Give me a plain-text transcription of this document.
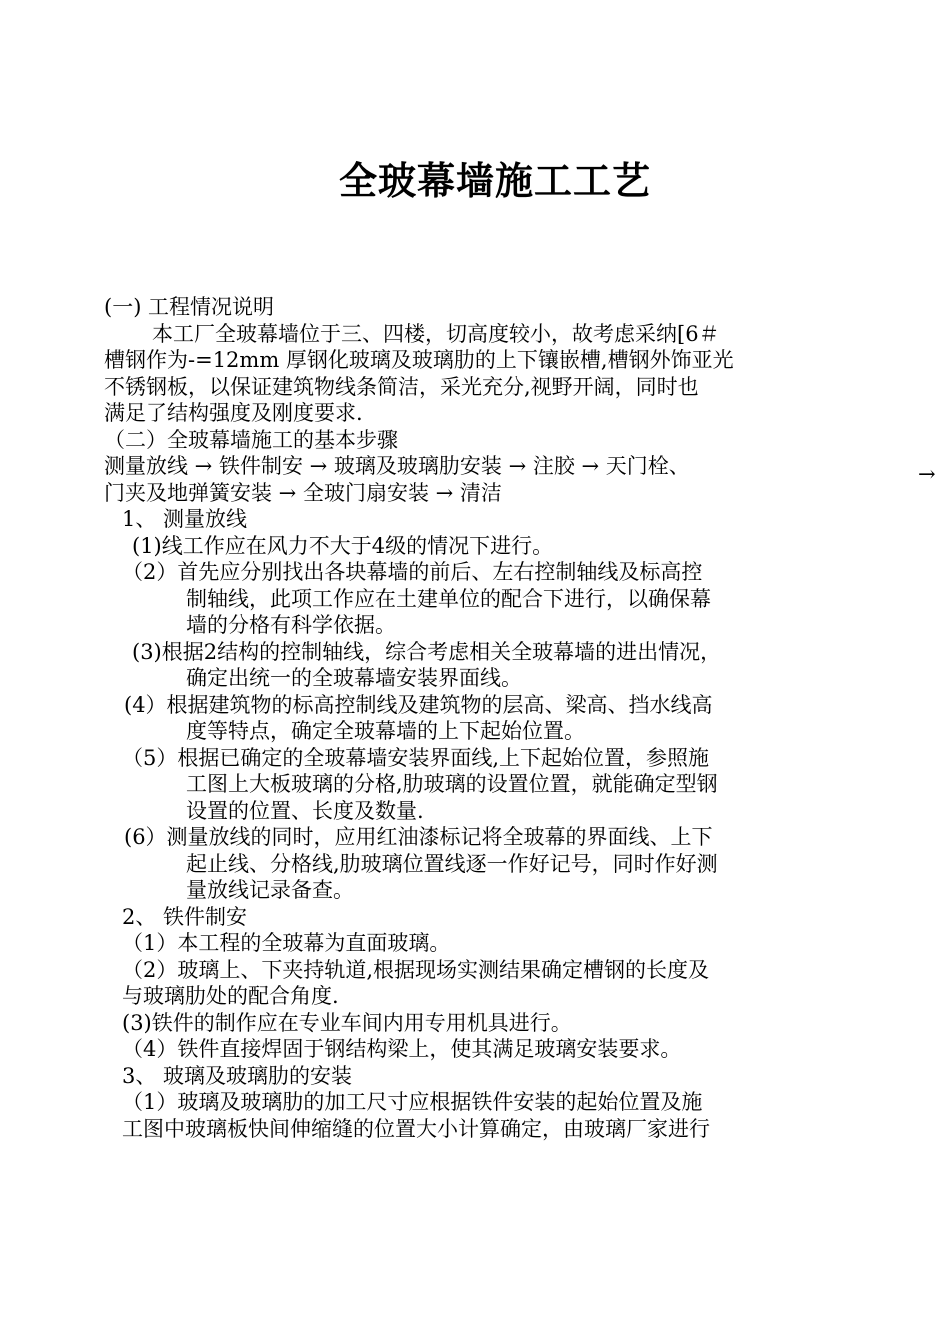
全玻幕墙施工工艺
→
(一) 工程情况说明
本工厂全玻幕墙位于三、四楼，切高度较小，故考虑采纳[6＃
槽钢作为-=12mm 厚钢化玻璃及玻璃肋的上下镶嵌槽,槽钢外饰亚光
不锈钢板，以保证建筑物线条简洁，采光充分,视野开阔，同时也
满足了结构强度及刚度要求.
（二）全玻幕墙施工的基本步骤
测量放线 → 铁件制安 → 玻璃及玻璃肋安装 → 注胶 → 天门栓、
门夹及地弹簧安装 → 全玻门扇安装 → 清洁
1、 测量放线
(1)线工作应在风力不大于4级的情况下进行。
（2）首先应分别找出各块幕墙的前后、左右控制轴线及标高控
制轴线，此项工作应在土建单位的配合下进行，以确保幕
墙的分格有科学依据。
(3)根据2结构的控制轴线，综合考虑相关全玻幕墙的进出情况，
确定出统一的全玻幕墙安装界面线。
(4）根据建筑物的标高控制线及建筑物的层高、梁高、挡水线高
度等特点，确定全玻幕墙的上下起始位置。
（5）根据已确定的全玻幕墙安装界面线,上下起始位置，参照施
工图上大板玻璃的分格,肋玻璃的设置位置，就能确定型钢
设置的位置、长度及数量.
(6）测量放线的同时，应用红油漆标记将全玻幕的界面线、上下
起止线、分格线,肋玻璃位置线逐一作好记号，同时作好测
量放线记录备查。
2、 铁件制安
（1）本工程的全玻幕为直面玻璃。
（2）玻璃上、下夹持轨道,根据现场实测结果确定槽钢的长度及
与玻璃肋处的配合角度.
(3)铁件的制作应在专业车间内用专用机具进行。
（4）铁件直接焊固于钢结构梁上，使其满足玻璃安装要求。
3、 玻璃及玻璃肋的安装
（1）玻璃及玻璃肋的加工尺寸应根据铁件安装的起始位置及施
工图中玻璃板快间伸缩缝的位置大小计算确定，由玻璃厂家进行
